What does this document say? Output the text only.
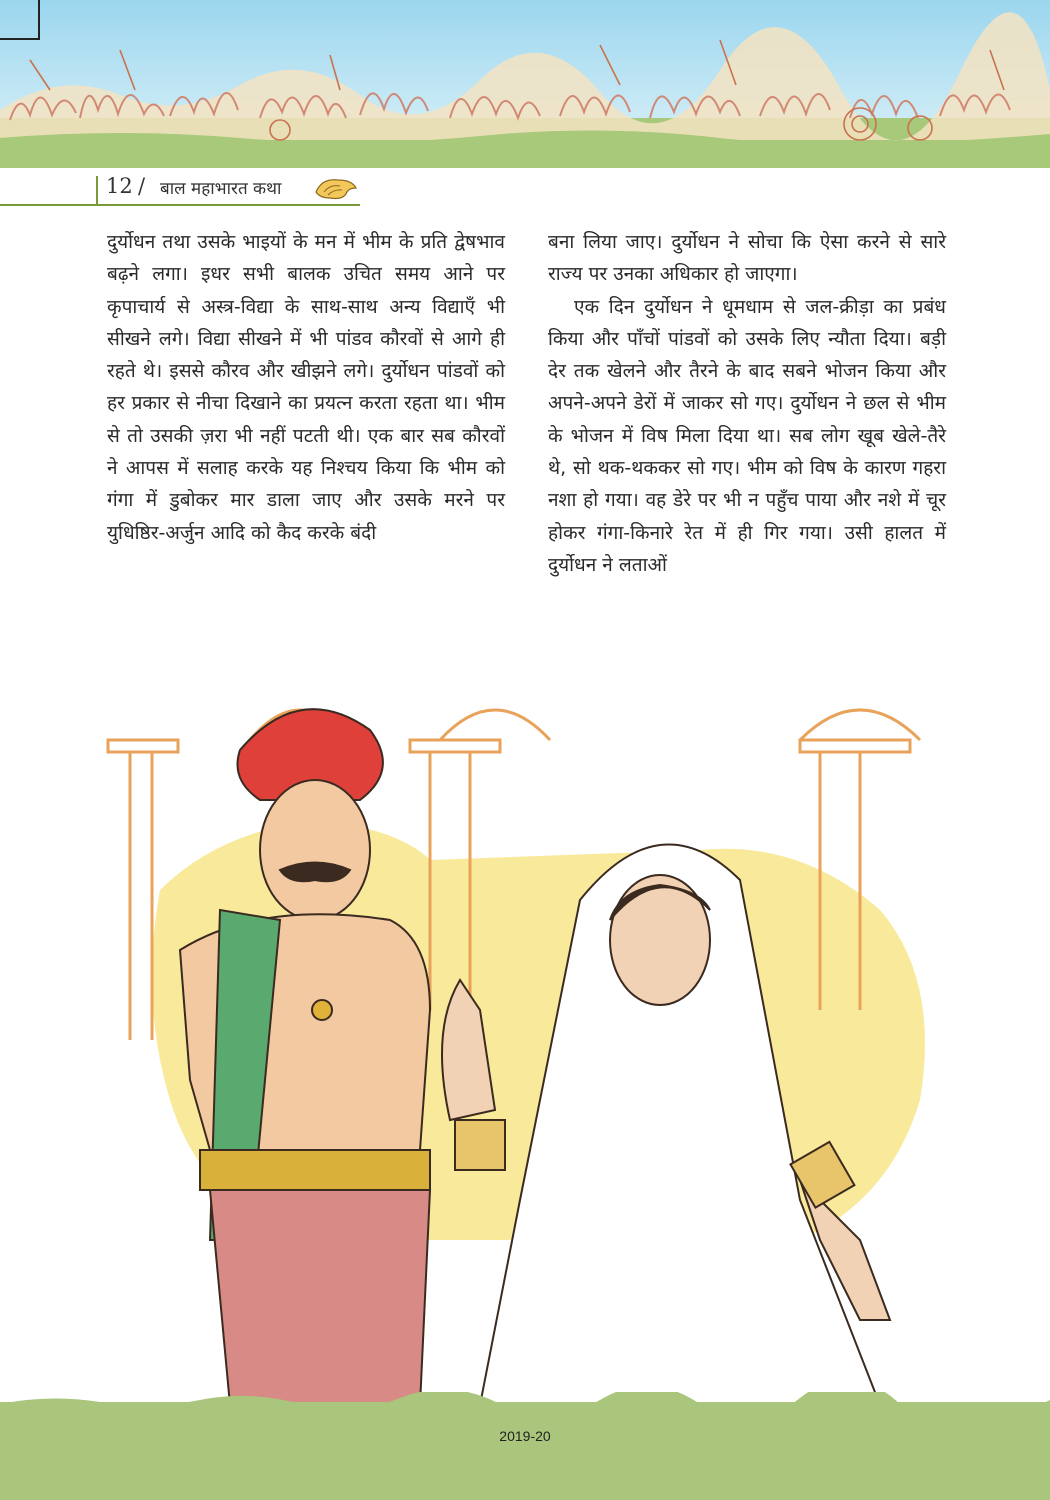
12 / बाल महाभारत कथा

दुर्योधन तथा उसके भाइयों के मन में भीम के प्रति द्वेषभाव बढ़ने लगा। इधर सभी बालक उचित समय आने पर कृपाचार्य से अस्त्र-विद्या के साथ-साथ अन्य विद्याएँ भी सीखने लगे। विद्या सीखने में भी पांडव कौरवों से आगे ही रहते थे। इससे कौरव और खीझने लगे। दुर्योधन पांडवों को हर प्रकार से नीचा दिखाने का प्रयत्न करता रहता था। भीम से तो उसकी ज़रा भी नहीं पटती थी। एक बार सब कौरवों ने आपस में सलाह करके यह निश्चय किया कि भीम को गंगा में डुबोकर मार डाला जाए और उसके मरने पर युधिष्ठिर-अर्जुन आदि को कैद करके बंदी

बना लिया जाए। दुर्योधन ने सोचा कि ऐसा करने से सारे राज्य पर उनका अधिकार हो जाएगा।

एक दिन दुर्योधन ने धूमधाम से जल-क्रीड़ा का प्रबंध किया और पाँचों पांडवों को उसके लिए न्यौता दिया। बड़ी देर तक खेलने और तैरने के बाद सबने भोजन किया और अपने-अपने डेरों में जाकर सो गए। दुर्योधन ने छल से भीम के भोजन में विष मिला दिया था। सब लोग खूब खेले-तैरे थे, सो थक-थककर सो गए। भीम को विष के कारण गहरा नशा हो गया। वह डेरे पर भी न पहुँच पाया और नशे में चूर होकर गंगा-किनारे रेत में ही गिर गया। उसी हालत में दुर्योधन ने लताओं

2019-20
